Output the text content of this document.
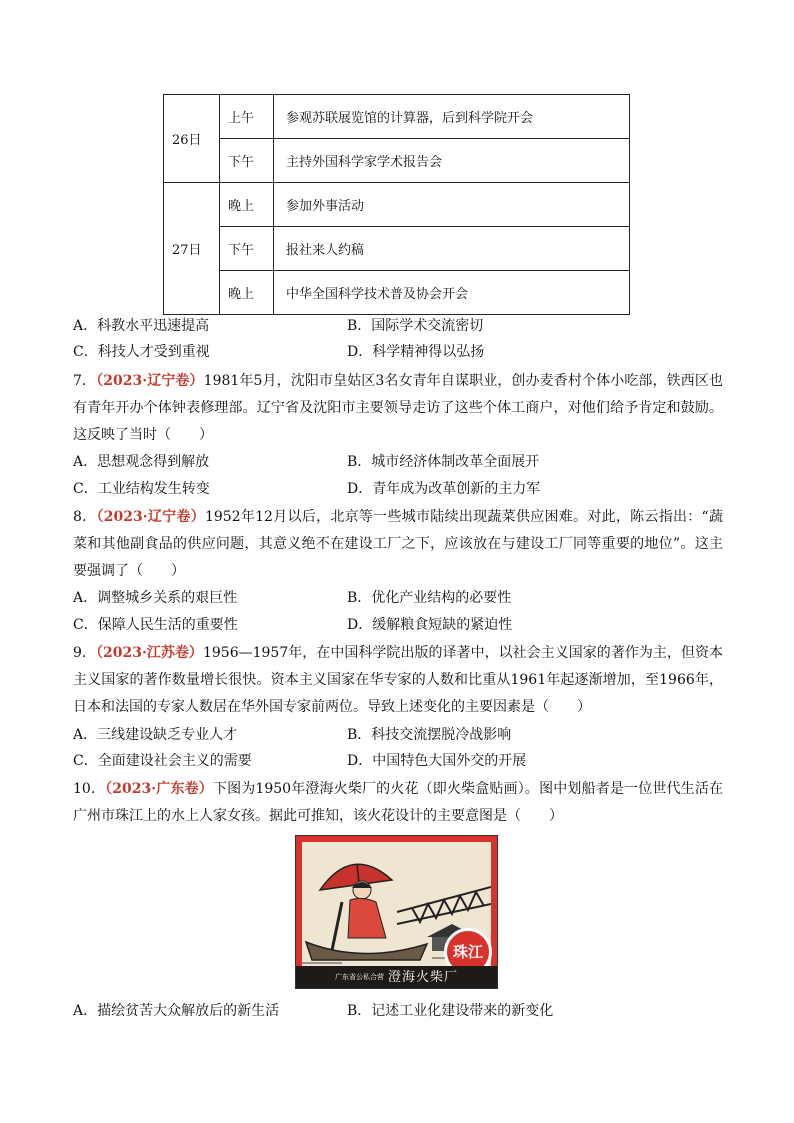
26日	上午	参观苏联展览馆的计算器，后到科学院开会
	下午	主持外国科学家学术报告会
27日	晚上	参加外事活动
	下午	报社来人约稿
	晚上	中华全国科学技术普及协会开会
A．科教水平迅速提高	B．国际学术交流密切
C．科技人才受到重视	D．科学精神得以弘扬
7．（2023·辽宁卷）1981年5月，沈阳市皇姑区3名女青年自谋职业，创办麦香村个体小吃部，铁西区也有青年开办个体钟表修理部。辽宁省及沈阳市主要领导走访了这些个体工商户，对他们给予肯定和鼓励。这反映了当时（　　）
A．思想观念得到解放	B．城市经济体制改革全面展开
C．工业结构发生转变	D．青年成为改革创新的主力军
8．（2023·辽宁卷）1952年12月以后，北京等一些城市陆续出现蔬菜供应困难。对此，陈云指出：“蔬菜和其他副食品的供应问题，其意义绝不在建设工厂之下，应该放在与建设工厂同等重要的地位”。这主要强调了（　　）
A．调整城乡关系的艰巨性	B．优化产业结构的必要性
C．保障人民生活的重要性	D．缓解粮食短缺的紧迫性
9．（2023·江苏卷）1956—1957年，在中国科学院出版的译著中，以社会主义国家的著作为主，但资本主义国家的著作数量增长很快。资本主义国家在华专家的人数和比重从1961年起逐渐增加，至1966年，日本和法国的专家人数居在华外国专家前两位。导致上述变化的主要因素是（　　）
A．三线建设缺乏专业人才	B．科技交流摆脱冷战影响
C．全面建设社会主义的需要	D．中国特色大国外交的开展
10．（2023·广东卷）下图为1950年澄海火柴厂的火花（即火柴盒贴画）。图中划船者是一位世代生活在广州市珠江上的水上人家女孩。据此可推知，该火花设计的主要意图是（　　）
珠江
广东省公私合营 澄海火柴厂
A．描绘贫苦大众解放后的新生活	B．记述工业化建设带来的新变化
